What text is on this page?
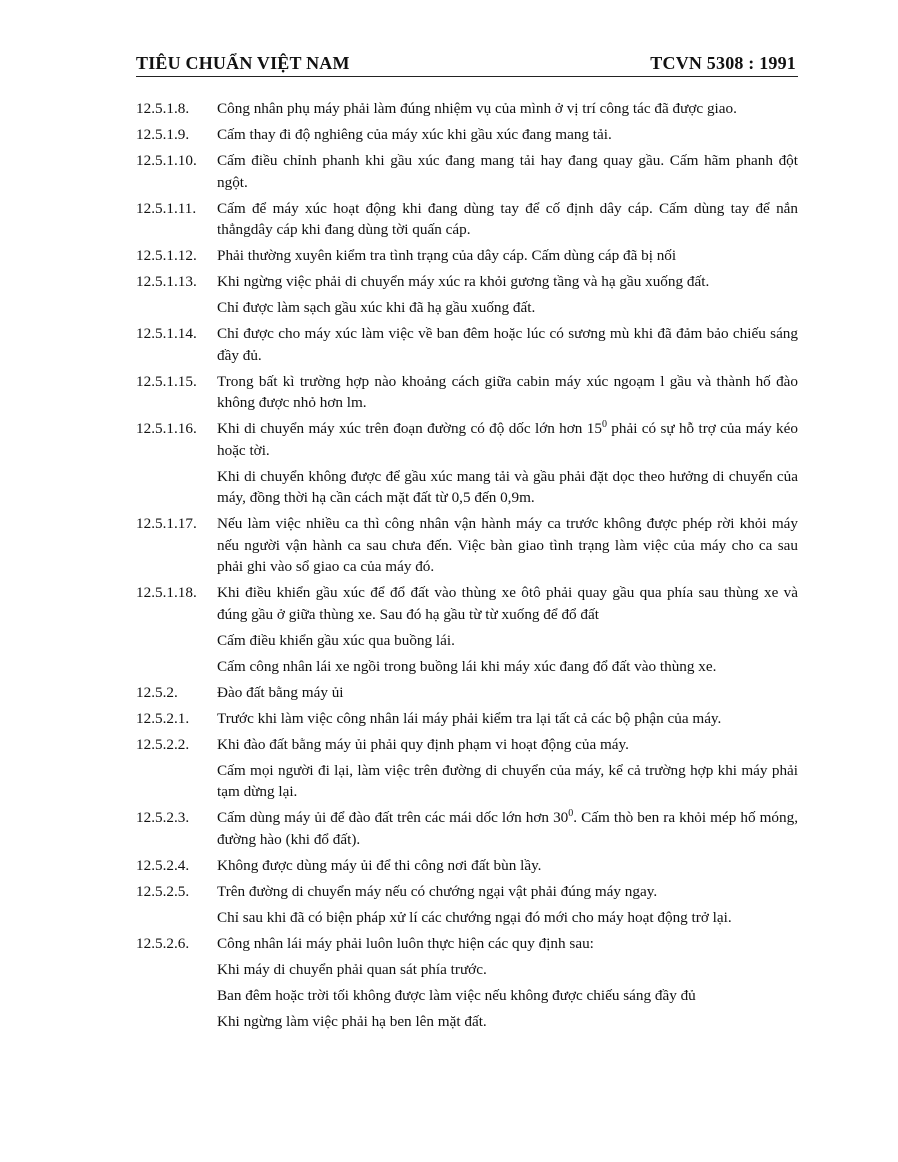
TIÊU CHUẨN VIỆT NAM	TCVN 5308 : 1991
12.5.1.8.	Công nhân phụ máy phải làm đúng nhiệm vụ của mình ở vị trí công tác đã được giao.

12.5.1.9.	Cấm thay đi độ nghiêng của máy xúc khi gầu xúc đang mang tải.

12.5.1.10.	Cấm điều chỉnh phanh khi gầu xúc đang mang tải hay đang quay gầu. Cấm hãm phanh đột ngột.

12.5.1.11.	Cấm để máy xúc hoạt động khi đang dùng tay để cố định dây cáp. Cấm dùng tay để nắn thẳngdây cáp khi đang dùng tời quấn cáp.

12.5.1.12.	Phải thường xuyên kiểm tra tình trạng của dây cáp. Cấm dùng cáp đã bị nối

12.5.1.13.	Khi ngừng việc phải di chuyển máy xúc ra khỏi gương tầng và hạ gầu xuống đất.

Chỉ được làm sạch gầu xúc khi đã hạ gầu xuống đất.

12.5.1.14.	Chỉ được cho máy xúc làm việc về ban đêm hoặc lúc có sương mù khi đã đảm bảo chiếu sáng đầy đủ.

12.5.1.15.	Trong bất kì trường hợp nào khoảng cách giữa cabin máy xúc ngoạm l gầu và thành hố đào không được nhỏ hơn lm.

12.5.1.16.	Khi di chuyển máy xúc trên đoạn đường có độ dốc lớn hơn $15^0$ phải có sự hỗ trợ của máy kéo hoặc tời.

Khi di chuyển không được để gầu xúc mang tải và gầu phải đặt dọc theo hưởng di chuyển của máy, đồng thời hạ cần cách mặt đất từ 0,5 đến 0,9m.

12.5.1.17.	Nếu làm việc nhiều ca thì công nhân vận hành máy ca trước không được phép rời khỏi máy nếu người vận hành ca sau chưa đến. Việc bàn giao tình trạng làm việc của máy cho ca sau phải ghi vào sổ giao ca của máy đó.

12.5.1.18.	Khi điều khiển gầu xúc để đổ đất vào thùng xe ôtô phải quay gầu qua phía sau thùng xe và đúng gầu ở giữa thùng xe. Sau đó hạ gầu từ từ xuống để đổ đất

Cấm điều khiển gầu xúc qua buồng lái.

Cấm công nhân lái xe ngồi trong buồng lái khi máy xúc đang đổ đất vào thùng xe.

12.5.2.	Đào đất bằng máy ủi

12.5.2.1.	Trước khi làm việc công nhân lái máy phải kiểm tra lại tất cả các bộ phận của máy.

12.5.2.2.	Khi đào đất bằng máy ủi phải quy định phạm vi hoạt động của máy.

Cấm mọi người đi lại, làm việc trên đường di chuyển của máy, kể cả trường hợp khi máy phải tạm dừng lại.

12.5.2.3.	Cấm dùng máy ủi để đào đất trên các mái dốc lớn hơn $30^0$. Cấm thò ben ra khỏi mép hố móng, đường hào (khi đổ đất).

12.5.2.4.	Không được dùng máy ủi để thi công nơi đất bùn lầy.

12.5.2.5.	Trên đường di chuyển máy nếu có chướng ngại vật phải đúng máy ngay.

Chỉ sau khi đã có biện pháp xử lí các chướng ngại đó mới cho máy hoạt động trở lại.

12.5.2.6.	Công nhân lái máy phải luôn luôn thực hiện các quy định sau:

Khi máy di chuyển phải quan sát phía trước.

Ban đêm hoặc trời tối không được làm việc nếu không được chiếu sáng đầy đủ

Khi ngừng làm việc phải hạ ben lên mặt đất.
